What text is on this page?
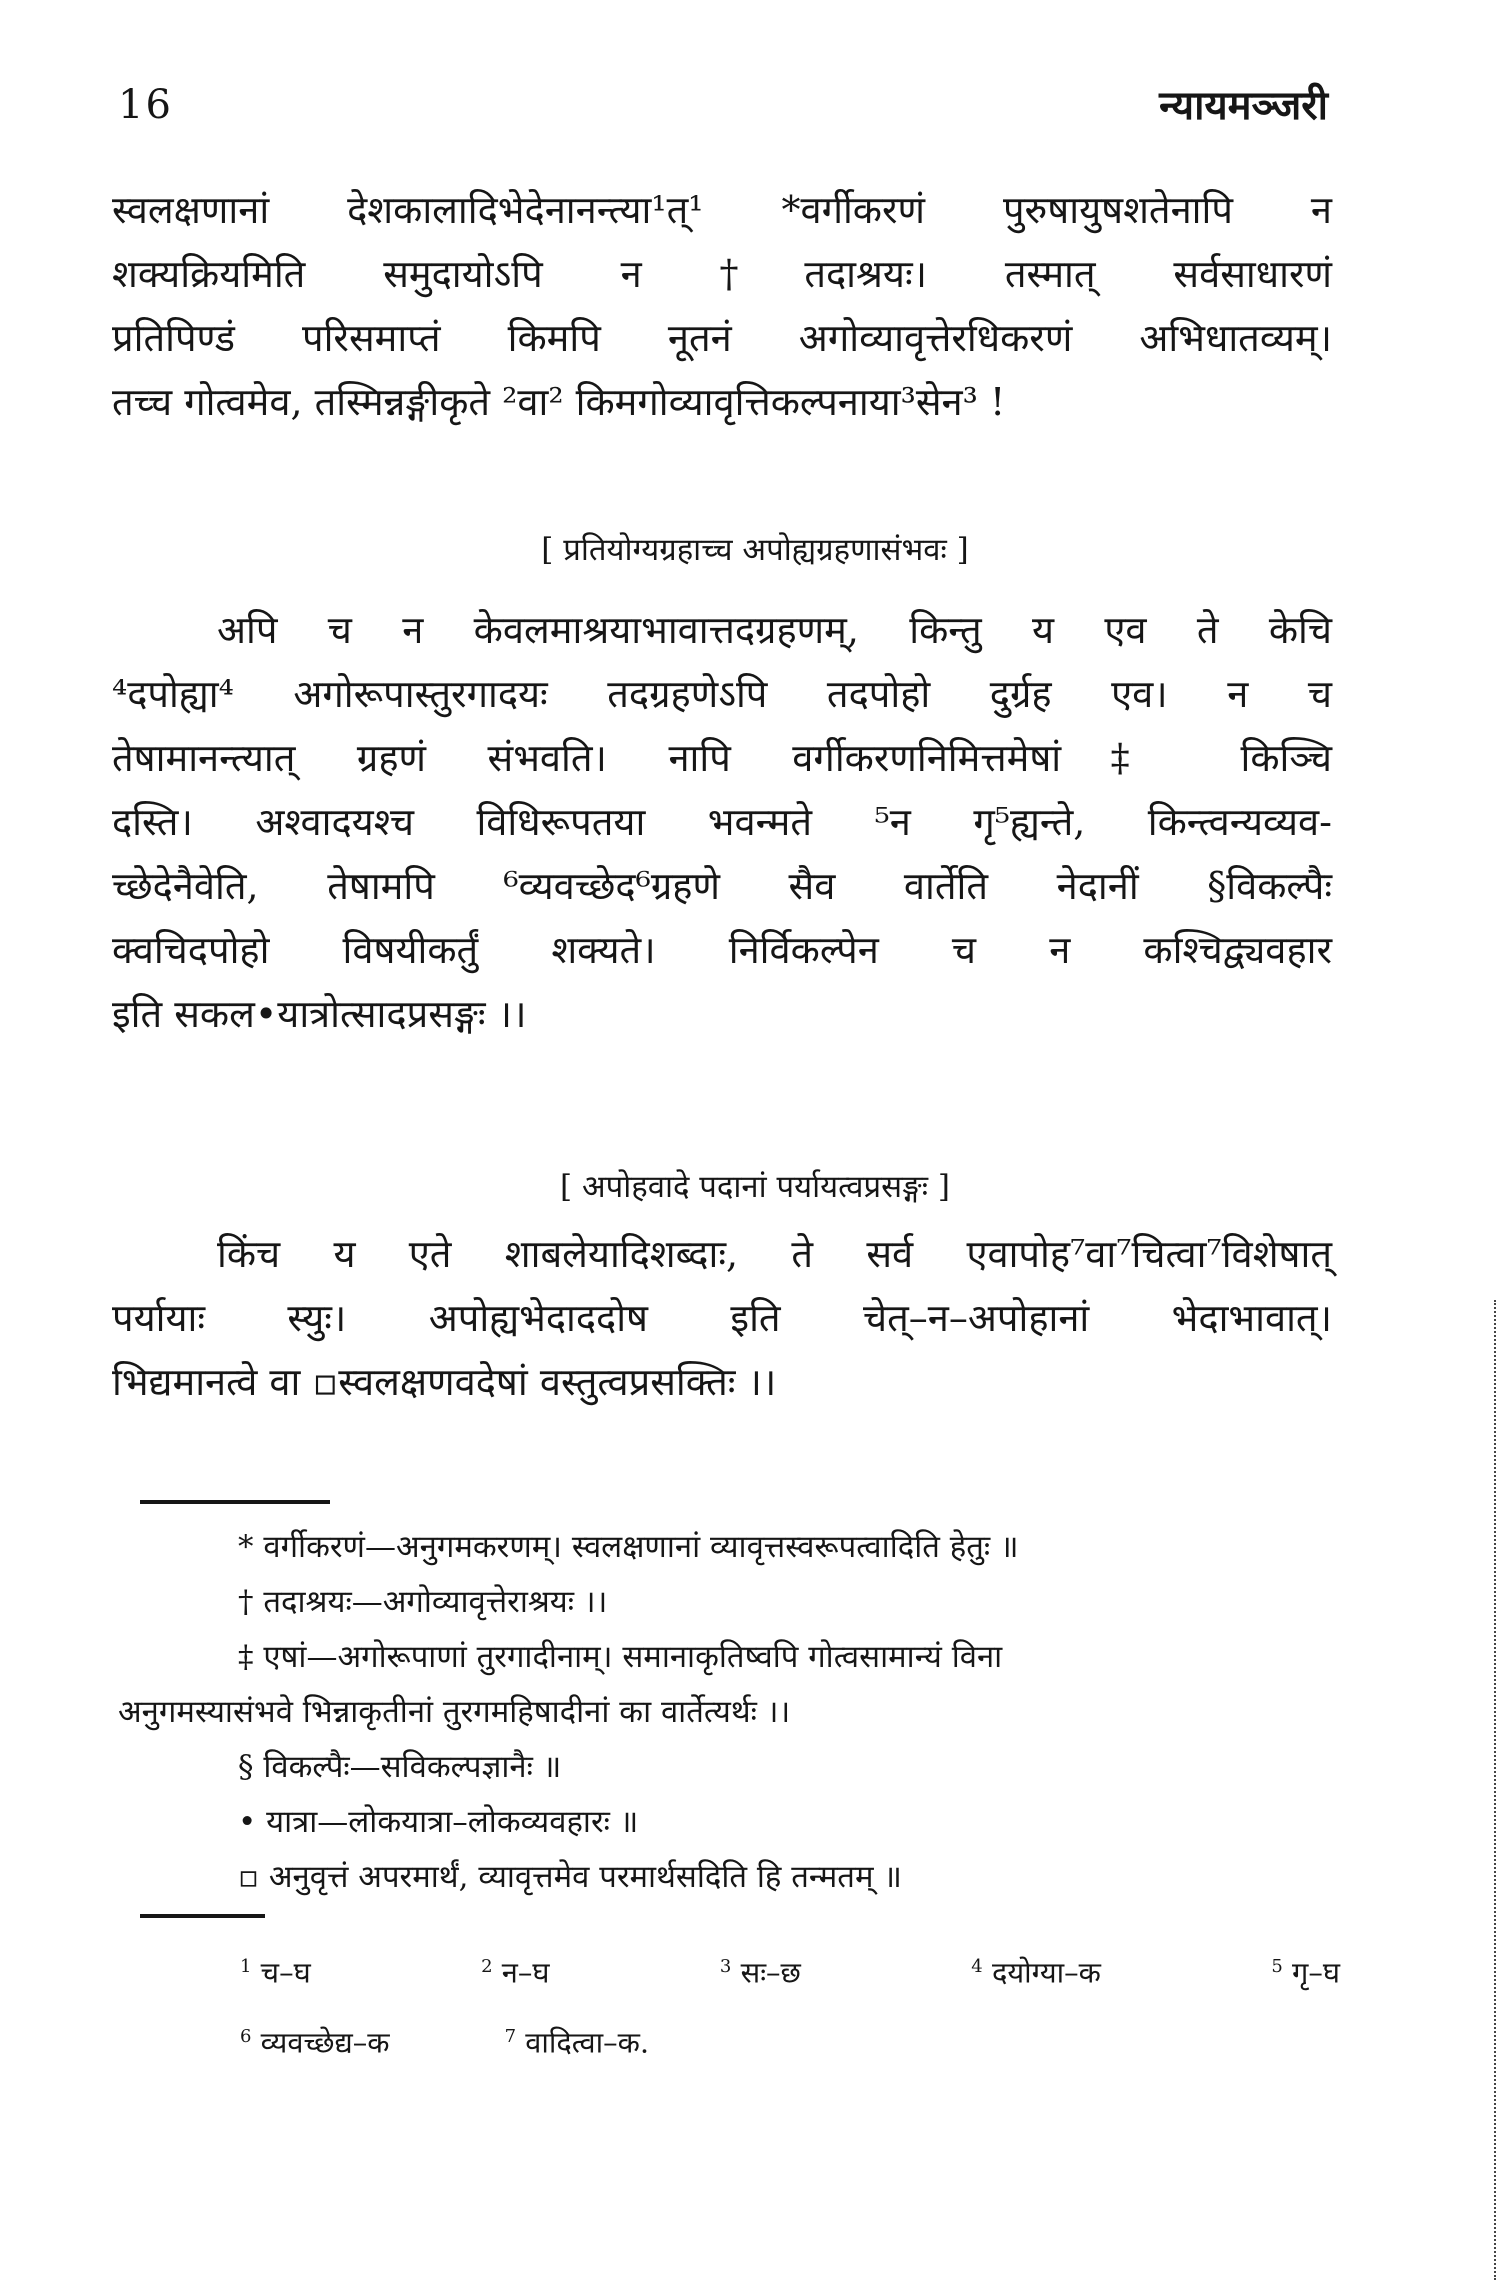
16	न्यायमञ्जरी
स्वलक्षणानां देशकालादिभेदेनानन्त्या¹त्¹ *वर्गीकरणं पुरुषायुषशतेनापि न
शक्यक्रियमिति समुदायोऽपि न †तदाश्रयः। तस्मात् सर्वसाधारणं
प्रतिपिण्डं परिसमाप्तं किमपि नूतनं अगोव्यावृत्तेरधिकरणं अभिधातव्यम्।
तच्च गोत्वमेव, तस्मिन्नङ्गीकृते ²वा² किमगोव्यावृत्तिकल्पनाया³सेन³ !
[ प्रतियोग्यग्रहाच्च अपोह्यग्रहणासंभवः ]
अपि च न केवलमाश्रयाभावात्तदग्रहणम्, किन्तु य एव ते केचि
⁴दपोह्या⁴ अगोरूपास्तुरगादयः तदग्रहणेऽपि तदपोहो दुर्ग्रह एव। न च
तेषामानन्त्यात् ग्रहणं संभवति। नापि वर्गीकरणनिमित्तमेषां‡ किञ्चि
दस्ति। अश्वादयश्च विधिरूपतया भवन्मते ⁵न गृ⁵ह्यन्ते, किन्त्वन्यव्यव-
च्छेदेनैवेति, तेषामपि ⁶व्यवच्छेद⁶ग्रहणे सैव वार्तेति नेदानीं §विकल्पैः
क्वचिदपोहो विषयीकर्तुं शक्यते। निर्विकल्पेन च न कश्चिद्व्यवहार
इति सकल•यात्रोत्सादप्रसङ्गः ।।
[ अपोहवादे पदानां पर्यायत्वप्रसङ्गः ]
किंच य एते शाबलेयादिशब्दाः, ते सर्व एवापोह⁷वा⁷चित्वा⁷विशेषात्
पर्यायाः स्युः। अपोह्यभेदाददोष इति चेत्–न–अपोहानां भेदाभावात्।
भिद्यमानत्वे वा ▫स्वलक्षणवदेषां वस्तुत्वप्रसक्तिः ।।
* वर्गीकरणं—अनुगमकरणम्। स्वलक्षणानां व्यावृत्तस्वरूपत्वादिति हेतुः ॥
† तदाश्रयः—अगोव्यावृत्तेराश्रयः ।।
‡ एषां—अगोरूपाणां तुरगादीनाम्। समानाकृतिष्वपि गोत्वसामान्यं विना
अनुगमस्यासंभवे भिन्नाकृतीनां तुरगमहिषादीनां का वार्तेत्यर्थः ।।
§ विकल्पैः—सविकल्पज्ञानैः ॥
• यात्रा—लोकयात्रा–लोकव्यवहारः ॥
▫ अनुवृत्तं अपरमार्थं, व्यावृत्तमेव परमार्थसदिति हि तन्मतम् ॥
$^1$ च–घ	$^2$ न–घ	$^3$ सः–छ	$^4$ दयोग्या–क	$^5$ गृ–घ
$^6$ व्यवच्छेद्य–क	$^7$ वादित्वा–क.
